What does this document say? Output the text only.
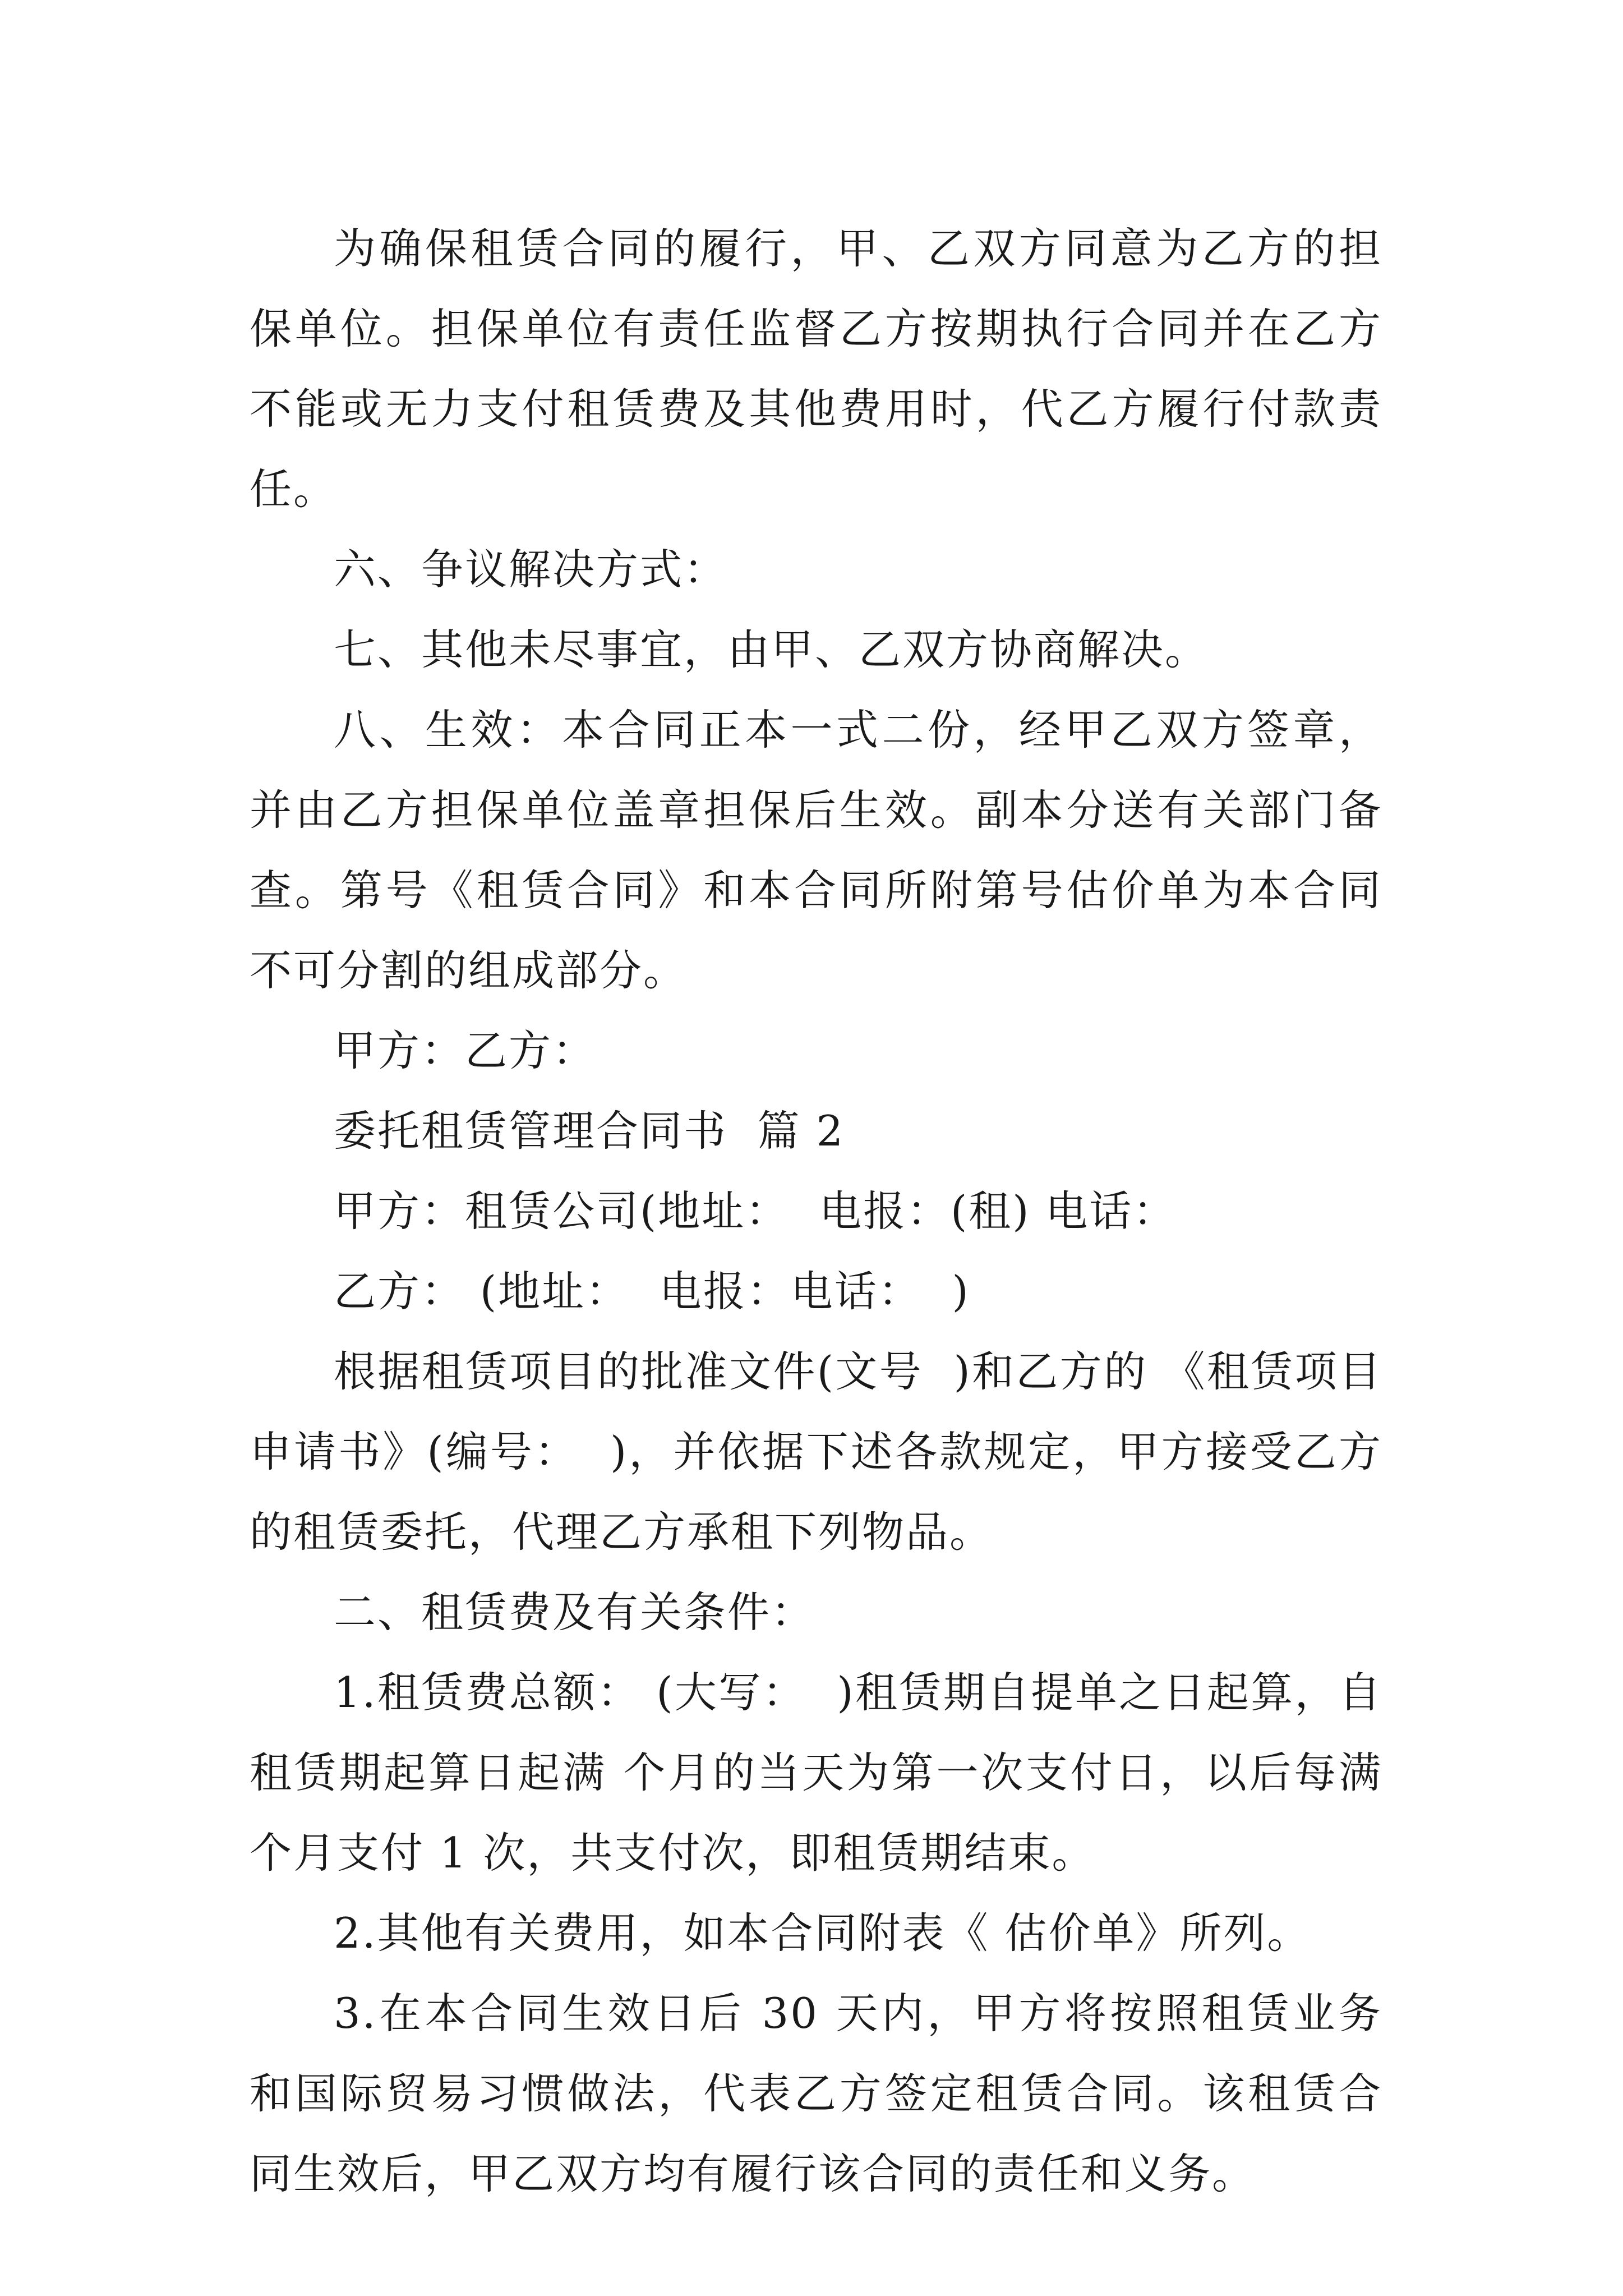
为确保租赁合同的履行，甲、乙双方同意为乙方的担保单位。担保单位有责任监督乙方按期执行合同并在乙方不能或无力支付租赁费及其他费用时，代乙方履行付款责任。

六、争议解决方式：

七、其他未尽事宜，由甲、乙双方协商解决。

八、生效：本合同正本一式二份，经甲乙双方签章，并由乙方担保单位盖章担保后生效。副本分送有关部门备查。第号《租赁合同》和本合同所附第号估价单为本合同不可分割的组成部分。

甲方：乙方：

委托租赁管理合同书  篇 2

甲方：租赁公司(地址：  电报：(租) 电话：

乙方： (地址：  电报：电话：  )

根据租赁项目的批准文件(文号  )和乙方的 《租赁项目申请书》(编号：  )，并依据下述各款规定，甲方接受乙方的租赁委托，代理乙方承租下列物品。

二、租赁费及有关条件：

1.租赁费总额： (大写：  )租赁期自提单之日起算，自租赁期起算日起满 个月的当天为第一次支付日，以后每满个月支付 1 次，共支付次，即租赁期结束。

2.其他有关费用，如本合同附表《 估价单》所列。

3.在本合同生效日后 30 天内，甲方将按照租赁业务和国际贸易习惯做法，代表乙方签定租赁合同。该租赁合同生效后，甲乙双方均有履行该合同的责任和义务。
